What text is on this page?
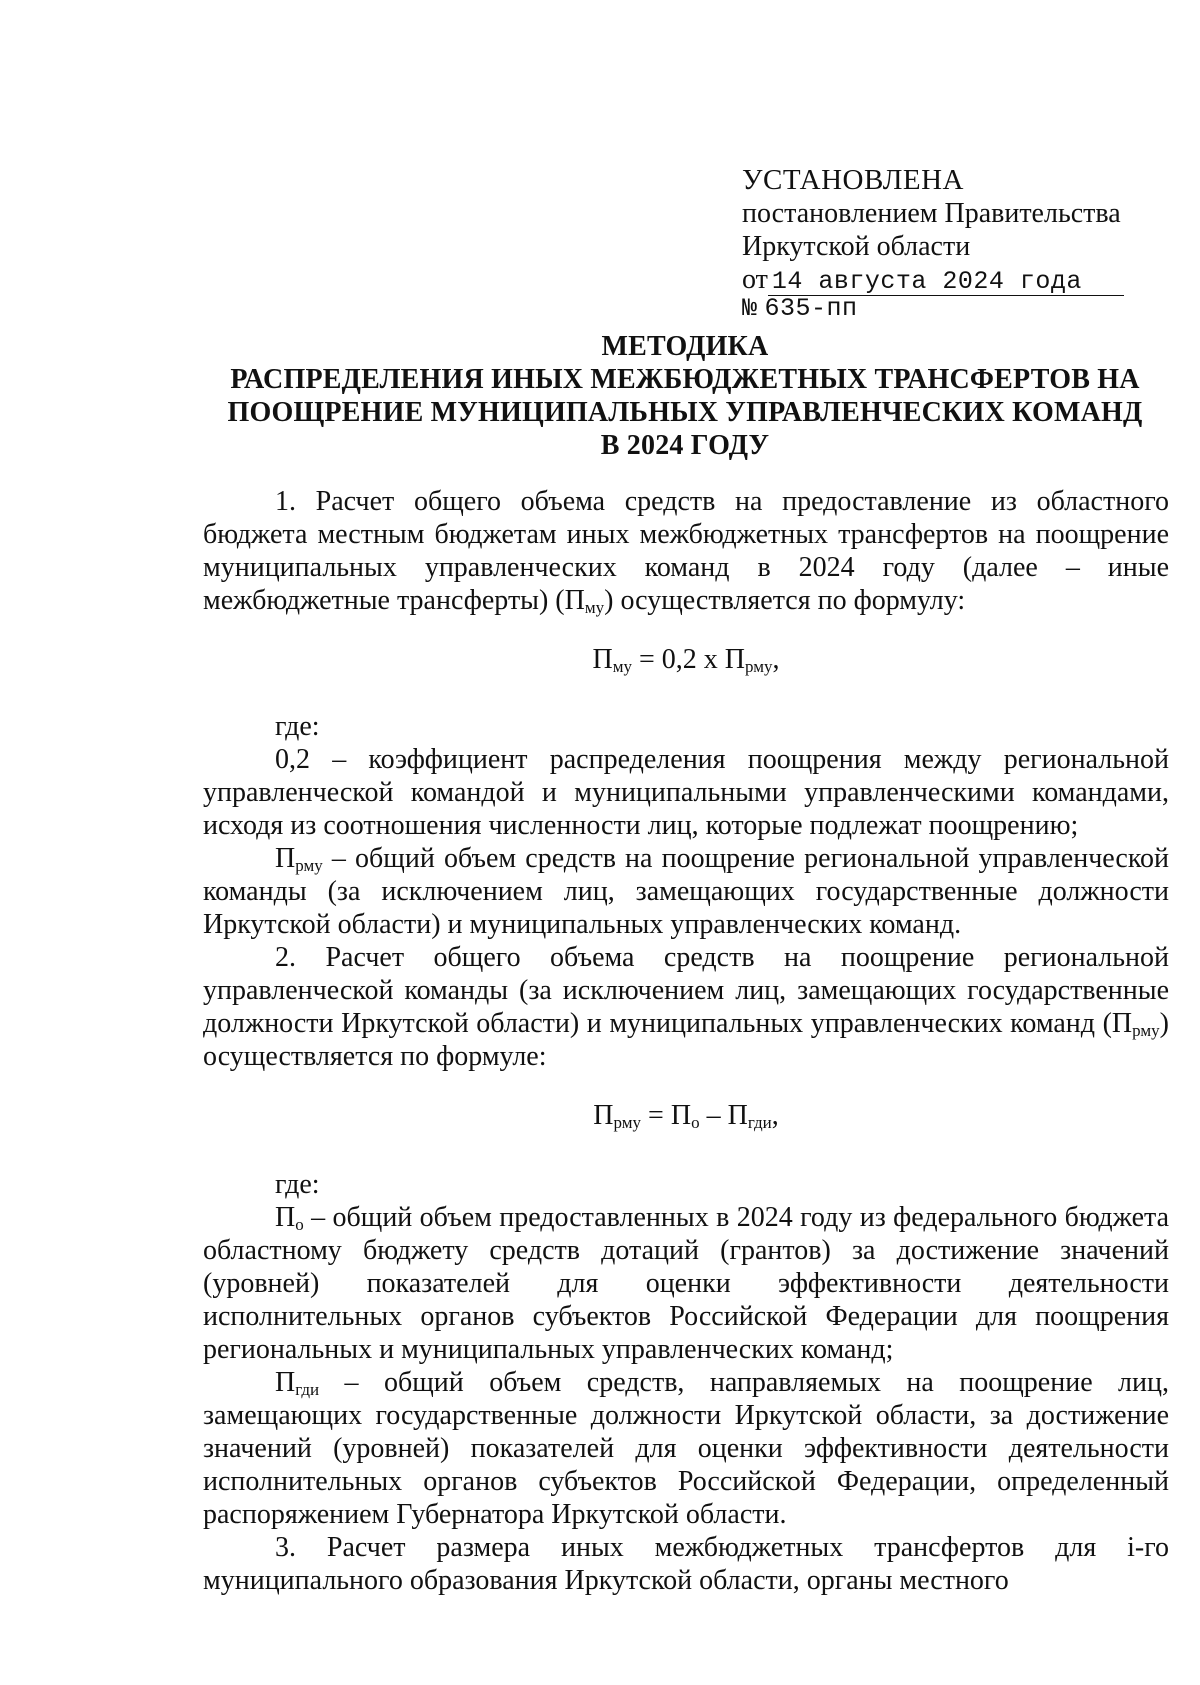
УСТАНОВЛЕНА
постановлением Правительства
Иркутской области
от 14 августа 2024 года
№ 635-пп
МЕТОДИКА
РАСПРЕДЕЛЕНИЯ ИНЫХ МЕЖБЮДЖЕТНЫХ ТРАНСФЕРТОВ НА
ПООЩРЕНИЕ МУНИЦИПАЛЬНЫХ УПРАВЛЕНЧЕСКИХ КОМАНД
В 2024 ГОДУ

1. Расчет общего объема средств на предоставление из областного бюджета местным бюджетам иных межбюджетных трансфертов на поощрение муниципальных управленческих команд в 2024 году (далее – иные межбюджетные трансферты) $(П_{му})$ осуществляется по формулу:

$П_{му} = 0,2$ х $П_{рму}$,

где:

0,2 – коэффициент распределения поощрения между региональной управленческой командой и муниципальными управленческими командами, исходя из соотношения численности лиц, которые подлежат поощрению;

$П_{рму}$ – общий объем средств на поощрение региональной управленческой команды (за исключением лиц, замещающих государственные должности Иркутской области) и муниципальных управленческих команд.

2. Расчет общего объема средств на поощрение региональной управленческой команды (за исключением лиц, замещающих государственные должности Иркутской области) и муниципальных управленческих команд $(П_{рму})$ осуществляется по формуле:

$П_{рму} = П_о - П_{гди}$,

где:

$П_о$ – общий объем предоставленных в 2024 году из федерального бюджета областному бюджету средств дотаций (грантов) за достижение значений (уровней) показателей для оценки эффективности деятельности исполнительных органов субъектов Российской Федерации для поощрения региональных и муниципальных управленческих команд;

$П_{гди}$ – общий объем средств, направляемых на поощрение лиц, замещающих государственные должности Иркутской области, за достижение значений (уровней) показателей для оценки эффективности деятельности исполнительных органов субъектов Российской Федерации, определенный распоряжением Губернатора Иркутской области.

3. Расчет размера иных межбюджетных трансфертов для i-го муниципального образования Иркутской области, органы местного
